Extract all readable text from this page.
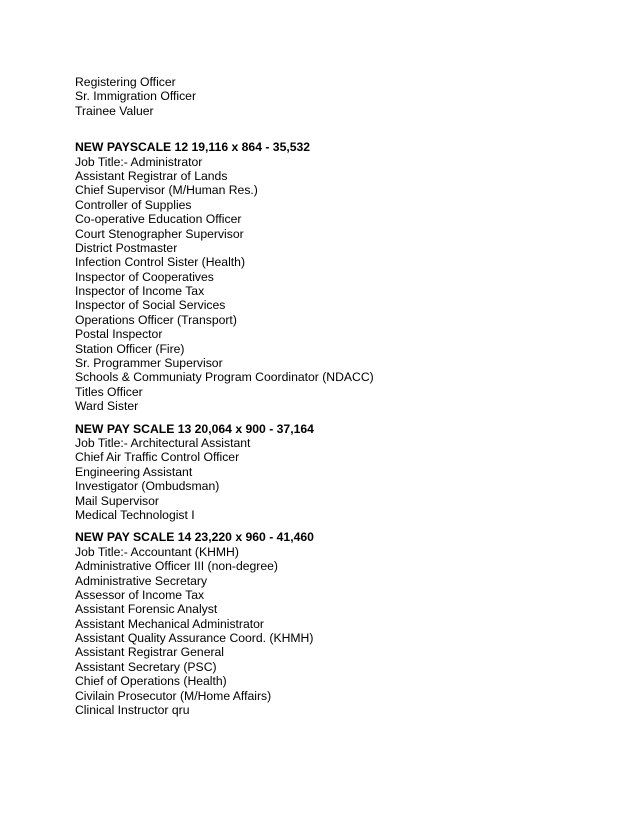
Registering Officer

Sr. Immigration Officer

Trainee Valuer

NEW PAYSCALE 12 19,116 x 864 - 35,532

Job Title:- Administrator

Assistant Registrar of Lands

Chief Supervisor (M/Human Res.)

Controller of Supplies

Co-operative Education Officer

Court Stenographer Supervisor

District Postmaster

Infection Control Sister (Health)

Inspector of Cooperatives

Inspector of Income Tax

Inspector of Social Services

Operations Officer (Transport)

Postal Inspector

Station Officer (Fire)

Sr. Programmer Supervisor

Schools & Communiaty Program Coordinator (NDACC)

Titles Officer

Ward Sister

NEW PAY SCALE 13 20,064 x 900 - 37,164

Job Title:- Architectural Assistant

Chief Air Traffic Control Officer

Engineering Assistant

Investigator (Ombudsman)

Mail Supervisor

Medical Technologist I

NEW PAY SCALE 14 23,220 x 960 - 41,460

Job Title:- Accountant (KHMH)

Administrative Officer III (non-degree)

Administrative Secretary

Assessor of Income Tax

Assistant Forensic Analyst

Assistant Mechanical Administrator

Assistant Quality Assurance Coord. (KHMH)

Assistant Registrar General

Assistant Secretary (PSC)

Chief of Operations (Health)

Civilain Prosecutor (M/Home Affairs)

Clinical Instructor qru
